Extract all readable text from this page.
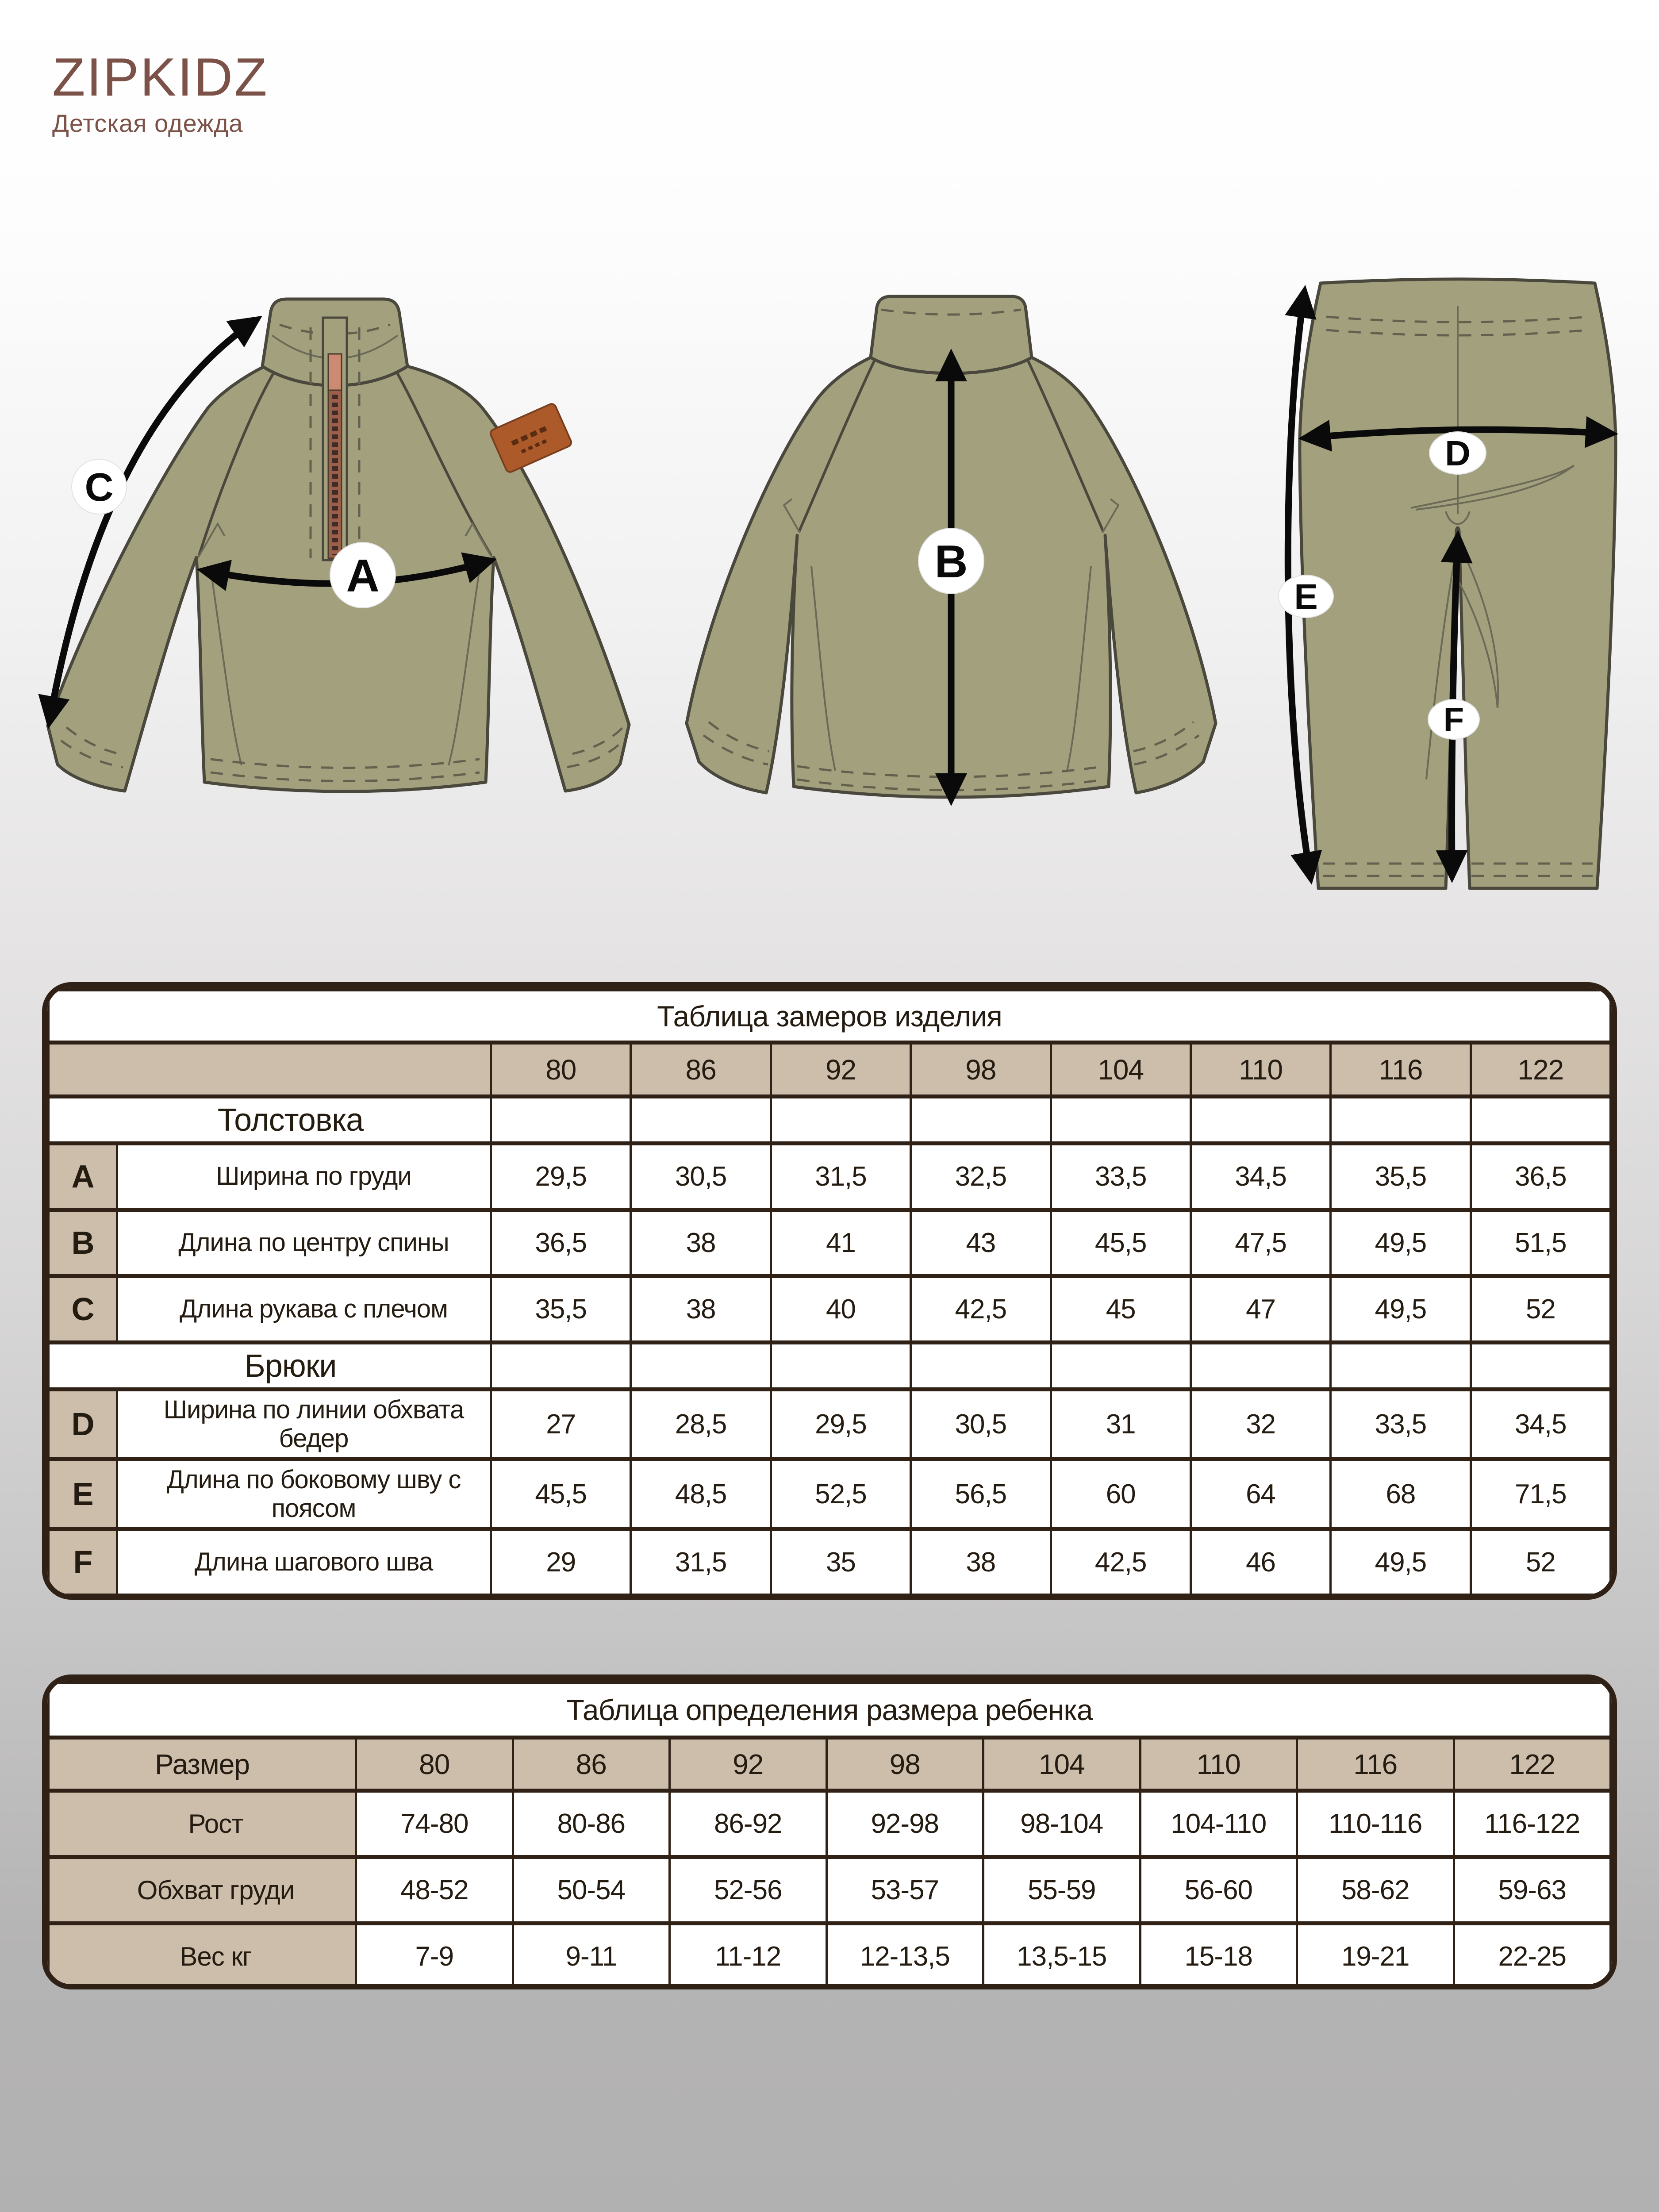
ZIPKIDZ
Детская одежда
A
C
B
E
D
F
Таблица замеров изделия									
		80	86	92	98	104	110	116	122
Толстовка									
A	Ширина по груди	29,5	30,5	31,5	32,5	33,5	34,5	35,5	36,5
B	Длина по центру спины	36,5	38	41	43	45,5	47,5	49,5	51,5
C	Длина рукава с плечом	35,5	38	40	42,5	45	47	49,5	52
Брюки									
D	Ширина по линии обхвата бедер	27	28,5	29,5	30,5	31	32	33,5	34,5
E	Длина по боковому шву с поясом	45,5	48,5	52,5	56,5	60	64	68	71,5
F	Длина шагового шва	29	31,5	35	38	42,5	46	49,5	52
Таблица определения размера ребенка								
Размер	80	86	92	98	104	110	116	122
Рост	74-80	80-86	86-92	92-98	98-104	104-110	110-116	116-122
Обхват груди	48-52	50-54	52-56	53-57	55-59	56-60	58-62	59-63
Вес кг	7-9	9-11	11-12	12-13,5	13,5-15	15-18	19-21	22-25
